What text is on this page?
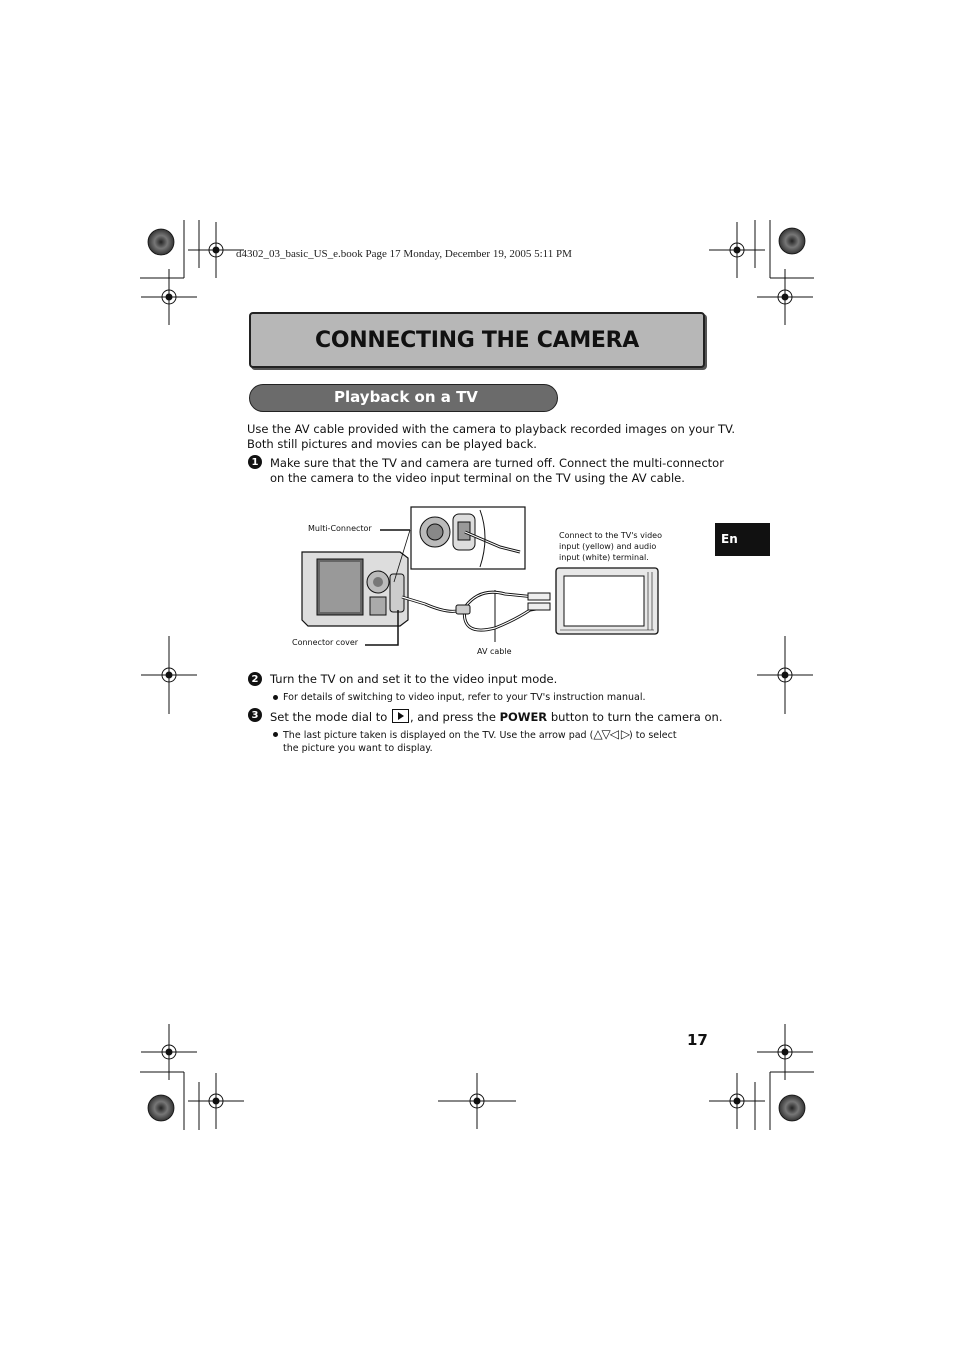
d4302_03_basic_US_e.book Page 17 Monday, December 19, 2005 5:11 PM
CONNECTING THE CAMERA
Playback on a TV
Use the AV cable provided with the camera to playback recorded images on your TV.
Both still pictures and movies can be played back.
1	Make sure that the TV and camera are turned off. Connect the multi-connector
on the camera to the video input terminal on the TV using the AV cable.
Multi-Connector
Connector cover
AV cable
Connect to the TV's video
input (yellow) and audio
input (white) terminal.
En
2	Turn the TV on and set it to the video input mode.
For details of switching to video input, refer to your TV's instruction manual.
3	Set the mode dial to , and press the POWER button to turn the camera on.
The last picture taken is displayed on the TV. Use the arrow pad (△▽◁ ▷) to select
the picture you want to display.
17
